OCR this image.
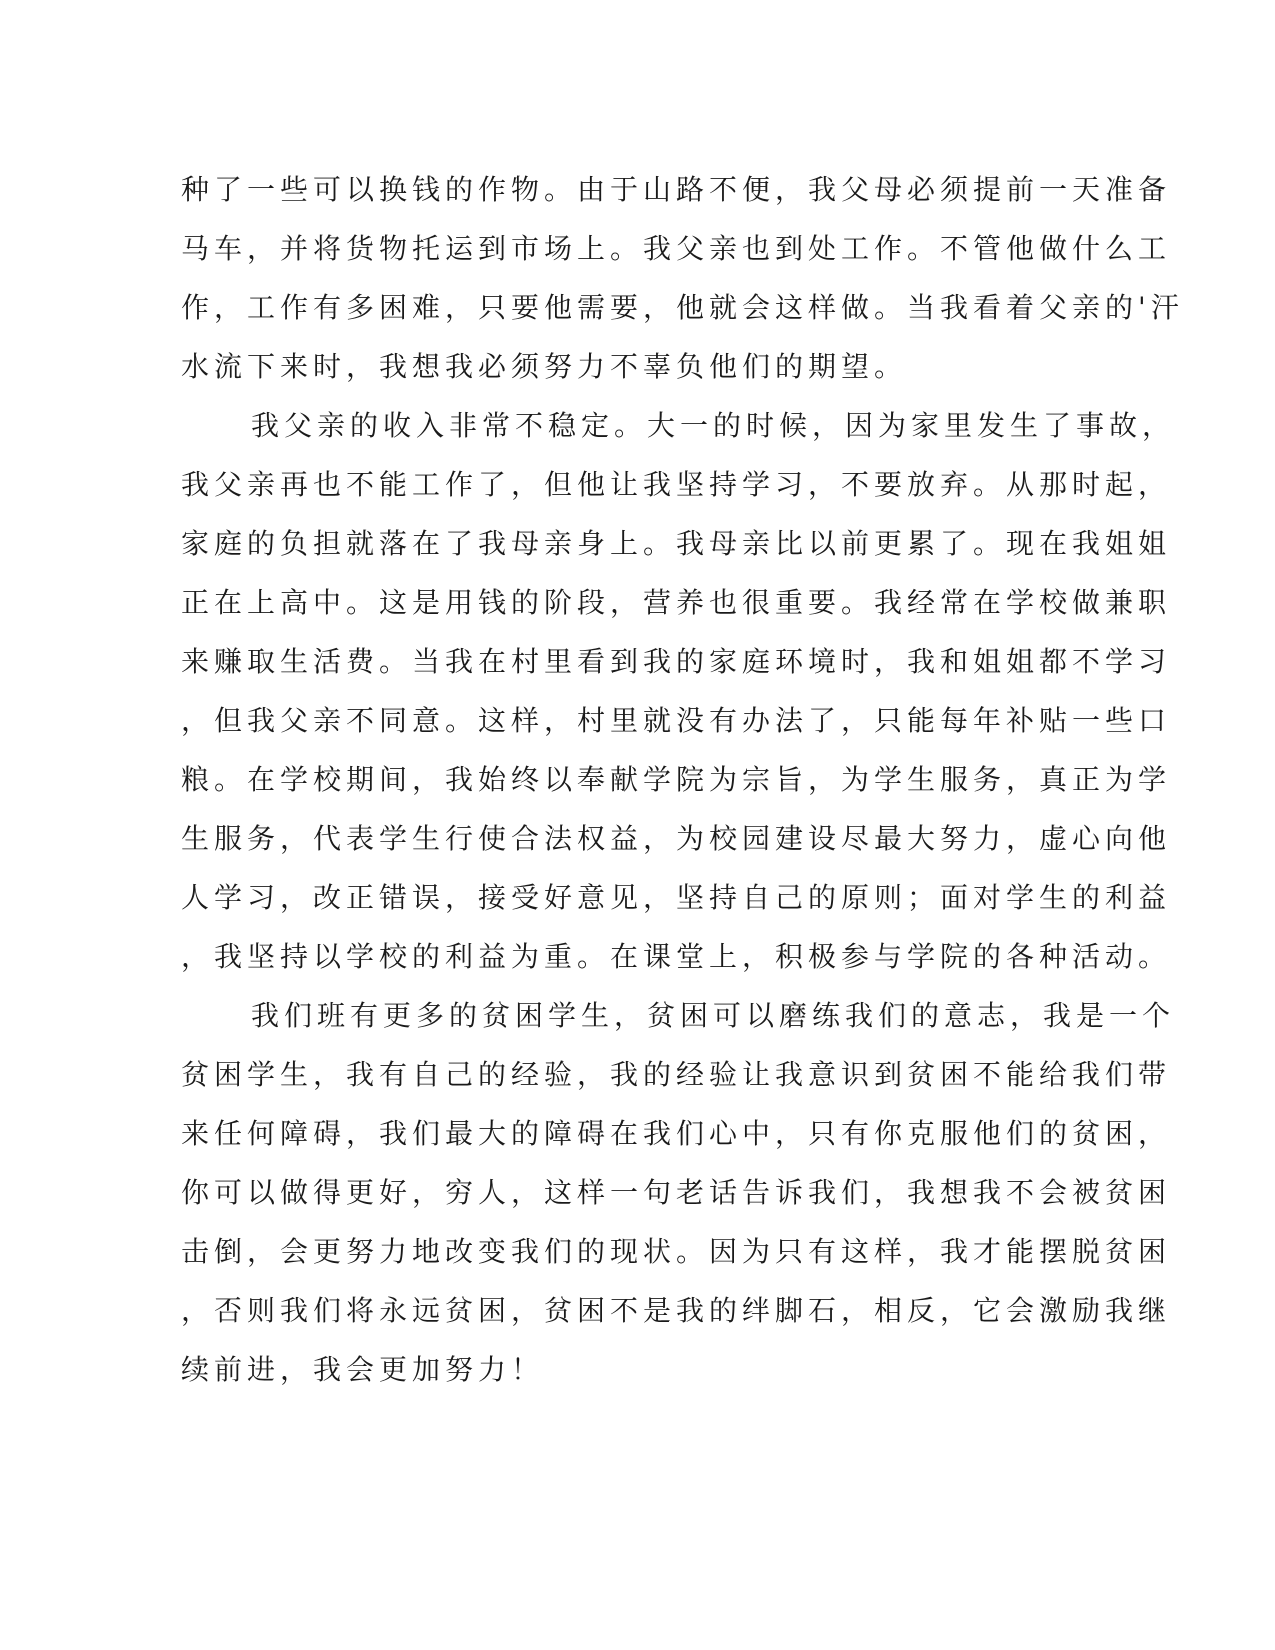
种了一些可以换钱的作物。由于山路不便，我父母必须提前一天准备
马车，并将货物托运到市场上。我父亲也到处工作。不管他做什么工
作，工作有多困难，只要他需要，他就会这样做。当我看着父亲的'汗
水流下来时，我想我必须努力不辜负他们的期望。
我父亲的收入非常不稳定。大一的时候，因为家里发生了事故，
我父亲再也不能工作了，但他让我坚持学习，不要放弃。从那时起，
家庭的负担就落在了我母亲身上。我母亲比以前更累了。现在我姐姐
正在上高中。这是用钱的阶段，营养也很重要。我经常在学校做兼职
来赚取生活费。当我在村里看到我的家庭环境时，我和姐姐都不学习
，但我父亲不同意。这样，村里就没有办法了，只能每年补贴一些口
粮。在学校期间，我始终以奉献学院为宗旨，为学生服务，真正为学
生服务，代表学生行使合法权益，为校园建设尽最大努力，虚心向他
人学习，改正错误，接受好意见，坚持自己的原则；面对学生的利益
，我坚持以学校的利益为重。在课堂上，积极参与学院的各种活动。
我们班有更多的贫困学生，贫困可以磨练我们的意志，我是一个
贫困学生，我有自己的经验，我的经验让我意识到贫困不能给我们带
来任何障碍，我们最大的障碍在我们心中，只有你克服他们的贫困，
你可以做得更好，穷人，这样一句老话告诉我们，我想我不会被贫困
击倒，会更努力地改变我们的现状。因为只有这样，我才能摆脱贫困
，否则我们将永远贫困，贫困不是我的绊脚石，相反，它会激励我继
续前进，我会更加努力！
